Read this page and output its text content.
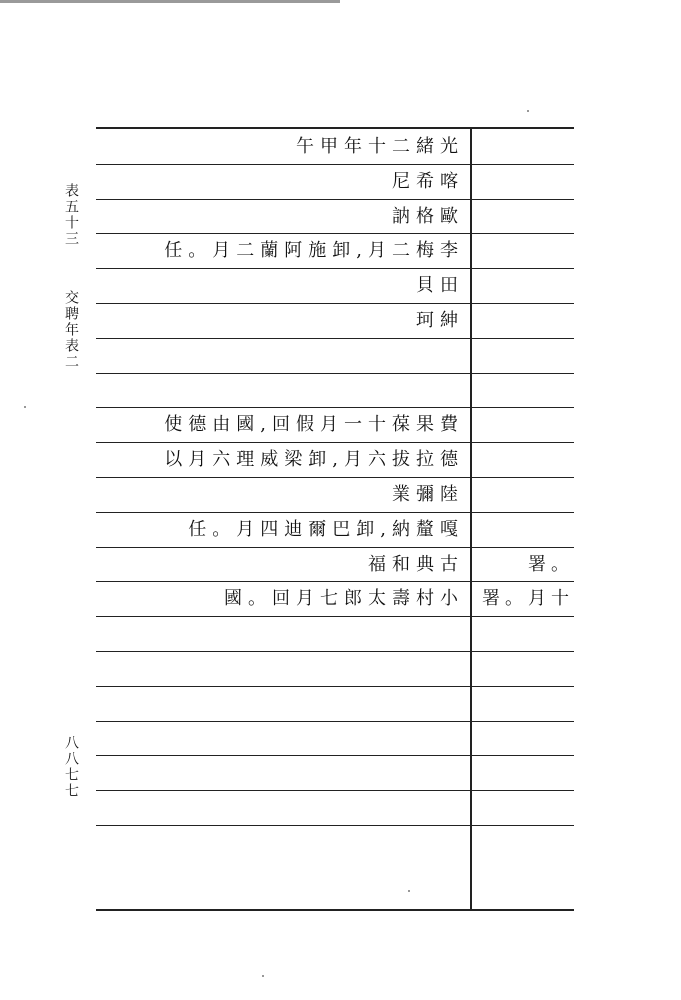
表五十三
交聘年表二
八八七七
午甲年十二緒光
尼希喀
訥格歐
任。月二蘭阿施卸,月二梅李
貝田
珂紳
使德由國,回假月一十葆果費
以月六理威梁卸,月六拔拉德
業彌陸
任。月四迪爾巴卸,納釐嘎
福和典古	署。
國。回月七郎太壽村小 署。月十
